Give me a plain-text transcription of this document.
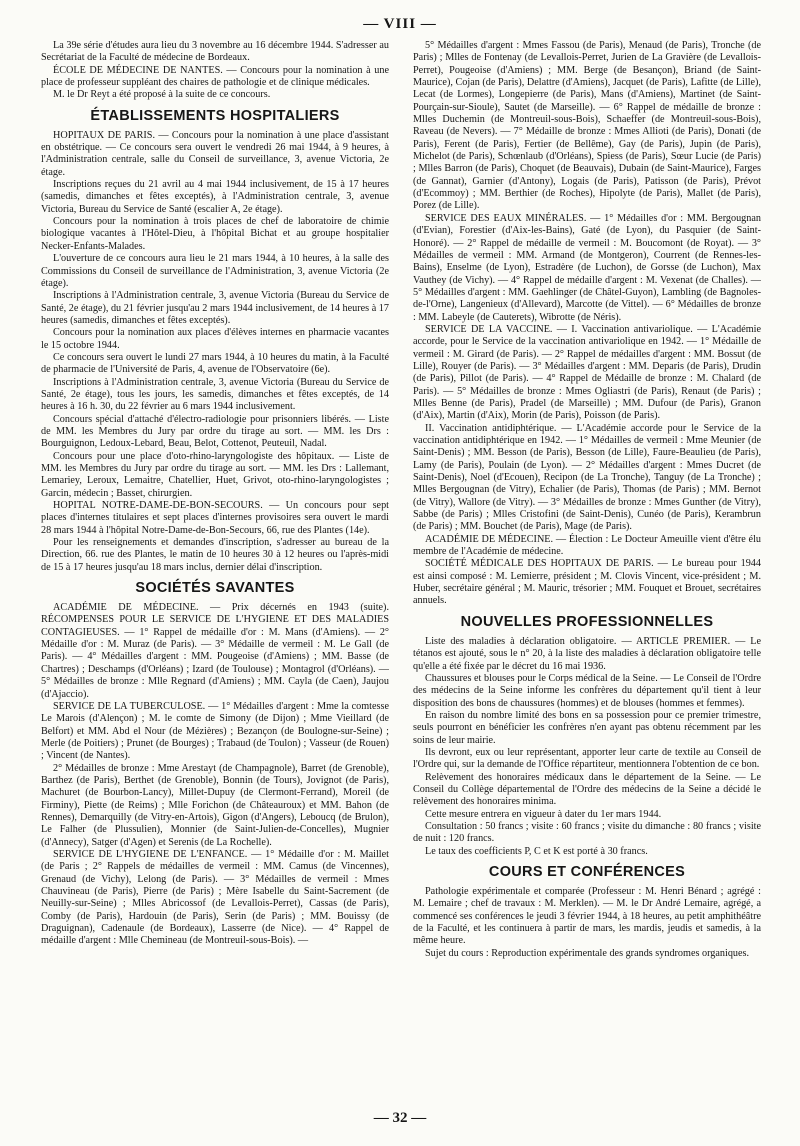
— VIII —

La 39e série d'études aura lieu du 3 novembre au 16 décembre 1944. S'adresser au Secrétariat de la Faculté de médecine de Bordeaux.

ÉCOLE DE MÉDECINE DE NANTES. — Concours pour la nomination à une place de professeur suppléant des chaires de pathologie et de clinique médicales.

M. le Dr Reyt a été proposé à la suite de ce concours.

ÉTABLISSEMENTS HOSPITALIERS

HOPITAUX DE PARIS. — Concours pour la nomination à une place d'assistant en obstétrique. — Ce concours sera ouvert le vendredi 26 mai 1944, à 9 heures, à l'Administration centrale, salle du Conseil de surveillance, 3, avenue Victoria, 2e étage.

Inscriptions reçues du 21 avril au 4 mai 1944 inclusivement, de 15 à 17 heures (samedis, dimanches et fêtes exceptés), à l'Administration centrale, 3, avenue Victoria, Bureau du Service de Santé (escalier A, 2e étage).

Concours pour la nomination à trois places de chef de laboratoire de chimie biologique vacantes à l'Hôtel-Dieu, à l'hôpital Bichat et au groupe hospitalier Necker-Enfants-Malades.

L'ouverture de ce concours aura lieu le 21 mars 1944, à 10 heures, à la salle des Commissions du Conseil de surveillance de l'Administration, 3, avenue Victoria (2e étage).

Inscriptions à l'Administration centrale, 3, avenue Victoria (Bureau du Service de Santé, 2e étage), du 21 février jusqu'au 2 mars 1944 inclusivement, de 14 heures à 17 heures (samedis, dimanches et fêtes exceptés).

Concours pour la nomination aux places d'élèves internes en pharmacie vacantes le 15 octobre 1944.

Ce concours sera ouvert le lundi 27 mars 1944, à 10 heures du matin, à la Faculté de pharmacie de l'Université de Paris, 4, avenue de l'Observatoire (6e).

Inscriptions à l'Administration centrale, 3, avenue Victoria (Bureau du Service de Santé, 2e étage), tous les jours, les samedis, dimanches et fêtes exceptés, de 14 heures à 16 h. 30, du 22 février au 6 mars 1944 inclusivement.

Concours spécial d'attaché d'électro-radiologie pour prisonniers libérés. — Liste de MM. les Membres du Jury par ordre du tirage au sort. — MM. les Drs : Bourguignon, Ledoux-Lebard, Beau, Belot, Cottenot, Peuteuil, Nadal.

Concours pour une place d'oto-rhino-laryngologiste des hôpitaux. — Liste de MM. les Membres du Jury par ordre du tirage au sort. — MM. les Drs : Lallemant, Lemariey, Leroux, Lemaitre, Chatellier, Huet, Grivot, oto-rhino-laryngologistes ; Garcin, médecin ; Basset, chirurgien.

HOPITAL NOTRE-DAME-DE-BON-SECOURS. — Un concours pour sept places d'internes titulaires et sept places d'internes provisoires sera ouvert le mardi 28 mars 1944 à l'hôpital Notre-Dame-de-Bon-Secours, 66, rue des Plantes (14e).

Pour les renseignements et demandes d'inscription, s'adresser au bureau de la Direction, 66. rue des Plantes, le matin de 10 heures 30 à 12 heures ou l'après-midi de 15 à 17 heures jusqu'au 18 mars inclus, dernier délai d'inscription.

SOCIÉTÉS SAVANTES

ACADÉMIE DE MÉDECINE. — Prix décernés en 1943 (suite). RÉCOMPENSES POUR LE SERVICE DE L'HYGIENE ET DES MALADIES CONTAGIEUSES. — 1° Rappel de médaille d'or : M. Mans (d'Amiens). — 2° Médaille d'or : M. Muraz (de Paris). — 3° Médaille de vermeil : M. Le Gall (de Paris). — 4° Médailles d'argent : MM. Pougeoise (d'Amiens) ; MM. Basse (de Chartres) ; Deschamps (d'Orléans) ; Izard (de Toulouse) ; Montagrol (d'Orléans). — 5° Médailles de bronze : Mlle Regnard (d'Amiens) ; MM. Cayla (de Caen), Jaujou (d'Ajaccio).

SERVICE DE LA TUBERCULOSE. — 1° Médailles d'argent : Mme la comtesse Le Marois (d'Alençon) ; M. le comte de Simony (de Dijon) ; Mme Vieillard (de Belfort) et MM. Abd el Nour (de Mézières) ; Bezançon (de Boulogne-sur-Seine) ; Merle (de Poitiers) ; Prunet (de Bourges) ; Trabaud (de Toulon) ; Vasseur (de Rouen) ; Vincent (de Nantes).

2° Médailles de bronze : Mme Arestayt (de Champagnole), Barret (de Grenoble), Barthez (de Paris), Berthet (de Grenoble), Bonnin (de Tours), Jovignot (de Paris), Machuret (de Bourbon-Lancy), Millet-Dupuy (de Clermont-Ferrand), Moreil (de Firminy), Piette (de Reims) ; Mlle Forichon (de Châteauroux) et MM. Bahon (de Rennes), Demarquilly (de Vitry-en-Artois), Gigon (d'Angers), Leboucq (de Brulon), Le Falher (de Plussulien), Monnier (de Saint-Julien-de-Concelles), Mugnier (d'Annecy), Satger (d'Agen) et Serenis (de La Rochelle).

SERVICE DE L'HYGIENE DE L'ENFANCE. — 1° Médaille d'or : M. Maillet (de Paris ; 2° Rappels de médailles de vermeil : MM. Camus (de Vincennes), Grenaud (de Vichy), Lelong (de Paris). — 3° Médailles de vermeil : Mmes Chauvineau (de Paris), Pierre (de Paris) ; Mère Isabelle du Saint-Sacrement (de Neuilly-sur-Seine) ; Mlles Abricossof (de Levallois-Perret), Cassas (de Paris), Comby (de Paris), Hardouin (de Paris), Serin (de Paris) ; MM. Bouissy (de Draguignan), Cadenaule (de Bordeaux), Lasserre (de Nice). — 4° Rappel de médaille d'argent : Mlle Chemineau (de Montreuil-sous-Bois). —

5° Médailles d'argent : Mmes Fassou (de Paris), Menaud (de Paris), Tronche (de Paris) ; Mlles de Fontenay (de Levallois-Perret, Jurien de La Gravière (de Levallois-Perret), Pougeoise (d'Amiens) ; MM. Berge (de Besançon), Briand (de Saint-Maurice), Cojan (de Paris), Delattre (d'Amiens), Jacquet (de Paris), Lafitte (de Lille), Lecat (de Lormes), Longepierre (de Paris), Mans (d'Amiens), Martinet (de Saint-Pourçain-sur-Sioule), Sautet (de Marseille). — 6° Rappel de médaille de bronze : Mlles Duchemin (de Montreuil-sous-Bois), Schaeffer (de Montreuil-sous-Bois), Raveau (de Nevers). — 7° Médaille de bronze : Mmes Allioti (de Paris), Donati (de Paris), Ferent (de Paris), Fertier (de Bellême), Gay (de Paris), Jupin (de Paris), Michelot (de Paris), Schœnlaub (d'Orléans), Spiess (de Paris), Sœur Lucie (de Paris) ; Mlles Barron (de Paris), Choquet (de Beauvais), Dubain (de Saint-Maurice), Farges (de Gannat), Garnier (d'Antony), Logais (de Paris), Patisson (de Paris), Prévot (d'Ecommoy) ; MM. Berthier (de Roches), Hipolyte (de Paris), Mallet (de Paris), Porez (de Lille).

SERVICE DES EAUX MINÉRALES. — 1° Médailles d'or : MM. Bergougnan (d'Evian), Forestier (d'Aix-les-Bains), Gaté (de Lyon), du Pasquier (de Saint-Honoré). — 2° Rappel de médaille de vermeil : M. Boucomont (de Royat). — 3° Médailles de vermeil : MM. Armand (de Montgeron), Courrent (de Rennes-les-Bains), Enselme (de Lyon), Estradère (de Luchon), de Gorsse (de Luchon), Max Vauthey (de Vichy). — 4° Rappel de médaille d'argent : M. Vexenat (de Challes). — 5° Médailles d'argent : MM. Gaehlinger (de Châtel-Guyon), Lambling (de Bagnoles-de-l'Orne), Langenieux (d'Allevard), Marcotte (de Vittel). — 6° Médailles de bronze : MM. Labeyle (de Cauterets), Wibrotte (de Néris).

SERVICE DE LA VACCINE. — I. Vaccination antivariolique. — L'Académie accorde, pour le Service de la vaccination antivariolique en 1942. — 1° Médaille de vermeil : M. Girard (de Paris). — 2° Rappel de médailles d'argent : MM. Bossut (de Lille), Rouyer (de Paris). — 3° Médailles d'argent : MM. Deparis (de Paris), Drudin (de Paris), Pillot (de Paris). — 4° Rappel de Médaille de bronze : M. Chalard (de Paris). — 5° Médailles de bronze : Mmes Ogliastri (de Paris), Renaut (de Paris) ; Mlles Benne (de Paris), Pradel (de Marseille) ; MM. Dufour (de Paris), Granon (d'Aix), Martin (d'Aix), Morin (de Paris), Poisson (de Paris).

II. Vaccination antidiphtérique. — L'Académie accorde pour le Service de la vaccination antidiphtérique en 1942. — 1° Médailles de vermeil : Mme Meunier (de Saint-Denis) ; MM. Besson (de Paris), Besson (de Lille), Faure-Beaulieu (de Paris), Lamy (de Paris), Poulain (de Lyon). — 2° Médailles d'argent : Mmes Ducret (de Saint-Denis), Noel (d'Ecouen), Recipon (de La Tronche), Tanguy (de La Tronche) ; Mlles Bergougnan (de Vitry), Echalier (de Paris), Thomas (de Paris) ; MM. Bernot (de Vitry), Wallore (de Vitry). — 3° Médailles de bronze : Mmes Gunther (de Vitry), Sabbe (de Paris) ; Mlles Cristofini (de Saint-Denis), Cunéo (de Paris), Kerambrun (de Paris) ; MM. Bouchet (de Paris), Mage (de Paris).

ACADÉMIE DE MÉDECINE. — Élection : Le Docteur Ameuille vient d'être élu membre de l'Académie de médecine.

SOCIÉTÉ MÉDICALE DES HOPITAUX DE PARIS. — Le bureau pour 1944 est ainsi composé : M. Lemierre, président ; M. Clovis Vincent, vice-président ; M. Huber, secrétaire général ; M. Mauric, trésorier ; MM. Fouquet et Brouet, secrétaires annuels.

NOUVELLES PROFESSIONNELLES

Liste des maladies à déclaration obligatoire. — ARTICLE PREMIER. — Le tétanos est ajouté, sous le n° 20, à la liste des maladies à déclaration obligatoire telle qu'elle a été fixée par le décret du 16 mai 1936.

Chaussures et blouses pour le Corps médical de la Seine. — Le Conseil de l'Ordre des médecins de la Seine informe les confrères du département qu'il tient à leur disposition des bons de chaussures (hommes) et de blouses (hommes et femmes).

En raison du nombre limité des bons en sa possession pour ce premier trimestre, seuls pourront en bénéficier les confrères n'en ayant pas obtenu récemment par les soins de leur mairie.

Ils devront, eux ou leur représentant, apporter leur carte de textile au Conseil de l'Ordre qui, sur la demande de l'Office répartiteur, mentionnera l'obtention de ce bon.

Relèvement des honoraires médicaux dans le département de la Seine. — Le Conseil du Collège départemental de l'Ordre des médecins de la Seine a décidé le relèvement des honoraires minima.

Cette mesure entrera en vigueur à dater du 1er mars 1944.

Consultation : 50 francs ; visite : 60 francs ; visite du dimanche : 80 francs ; visite de nuit : 120 francs.

Le taux des coefficients P, C et K est porté à 30 francs.

COURS ET CONFÉRENCES

Pathologie expérimentale et comparée (Professeur : M. Henri Bénard ; agrégé : M. Lemaire ; chef de travaux : M. Merklen). — M. le Dr André Lemaire, agrégé, a commencé ses conférences le jeudi 3 février 1944, à 18 heures, au petit amphithéâtre de la Faculté, et les continuera à partir de mars, les mardis, jeudis et samedis, à la même heure.

Sujet du cours : Reproduction expérimentale des grands syndromes organiques.

— 32 —
